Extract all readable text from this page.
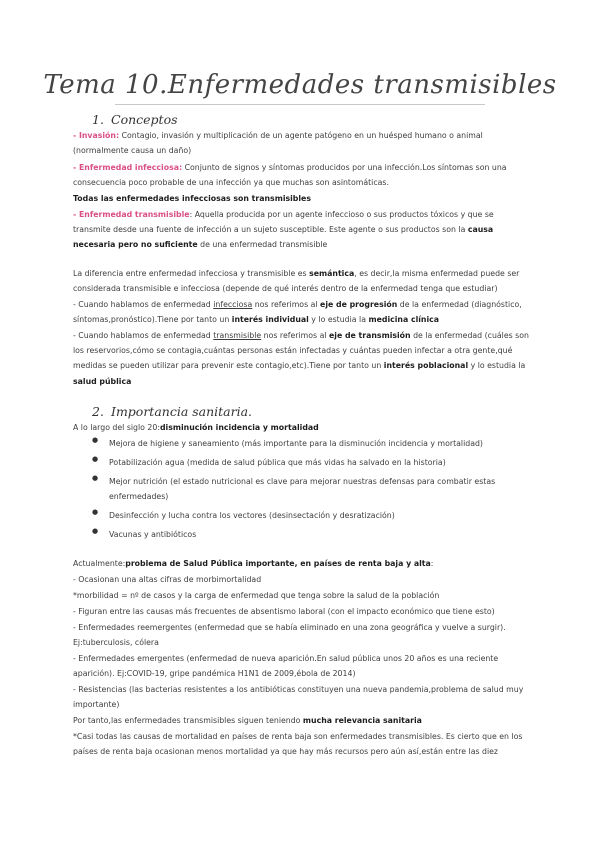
Tema 10.Enfermedades transmisibles
1. Conceptos
- Invasión: Contagio, invasión y multiplicación de un agente patógeno en un huésped humano o animal (normalmente causa un daño)
- Enfermedad infecciosa: Conjunto de signos y síntomas producidos por una infección.Los síntomas son una consecuencia poco probable de una infección ya que muchas son asintomáticas.
Todas las enfermedades infecciosas son transmisibles
- Enfermedad transmisible: Aquella producida por un agente infeccioso o sus productos tóxicos y que se transmite desde una fuente de infección a un sujeto susceptible. Este agente o sus productos son la causa necesaria pero no suficiente de una enfermedad transmisible
La diferencia entre enfermedad infecciosa y transmisible es semántica, es decir,la misma enfermedad puede ser considerada transmisible e infecciosa (depende de qué interés dentro de la enfermedad tenga que estudiar)
- Cuando hablamos de enfermedad infecciosa nos referimos al eje de progresión de la enfermedad (diagnóstico, síntomas,pronóstico).Tiene por tanto un interés individual y lo estudia la medicina clínica
- Cuando hablamos de enfermedad transmisible nos referimos al eje de transmisión de la enfermedad (cuáles son los reservorios,cómo se contagia,cuántas personas están infectadas y cuántas pueden infectar a otra gente,qué medidas se pueden utilizar para prevenir este contagio,etc).Tiene por tanto un interés poblacional y lo estudia la salud pública
2. Importancia sanitaria.
A lo largo del siglo 20:disminución incidencia y mortalidad
● Mejora de higiene y saneamiento (más importante para la disminución incidencia y mortalidad)
● Potabilización agua (medida de salud pública que más vidas ha salvado en la historia)
● Mejor nutrición (el estado nutricional es clave para mejorar nuestras defensas para combatir estas enfermedades)
● Desinfección y lucha contra los vectores (desinsectación y desratización)
● Vacunas y antibióticos
Actualmente:problema de Salud Pública importante, en países de renta baja y alta:
- Ocasionan una altas cifras de morbimortalidad
*morbilidad = nº de casos y la carga de enfermedad que tenga sobre la salud de la población
- Figuran entre las causas más frecuentes de absentismo laboral (con el impacto económico que tiene esto)
- Enfermedades reemergentes (enfermedad que se había eliminado en una zona geográfica y vuelve a surgir). Ej:tuberculosis, cólera
- Enfermedades emergentes (enfermedad de nueva aparición.En salud pública unos 20 años es una reciente aparición). Ej:COVID-19, gripe pandémica H1N1 de 2009,ébola de 2014)
- Resistencias (las bacterias resistentes a los antibióticas constituyen una nueva pandemia,problema de salud muy importante)
Por tanto,las enfermedades transmisibles siguen teniendo mucha relevancia sanitaria
*Casi todas las causas de mortalidad en países de renta baja son enfermedades transmisibles. Es cierto que en los países de renta baja ocasionan menos mortalidad ya que hay más recursos pero aún así,están entre las diez
